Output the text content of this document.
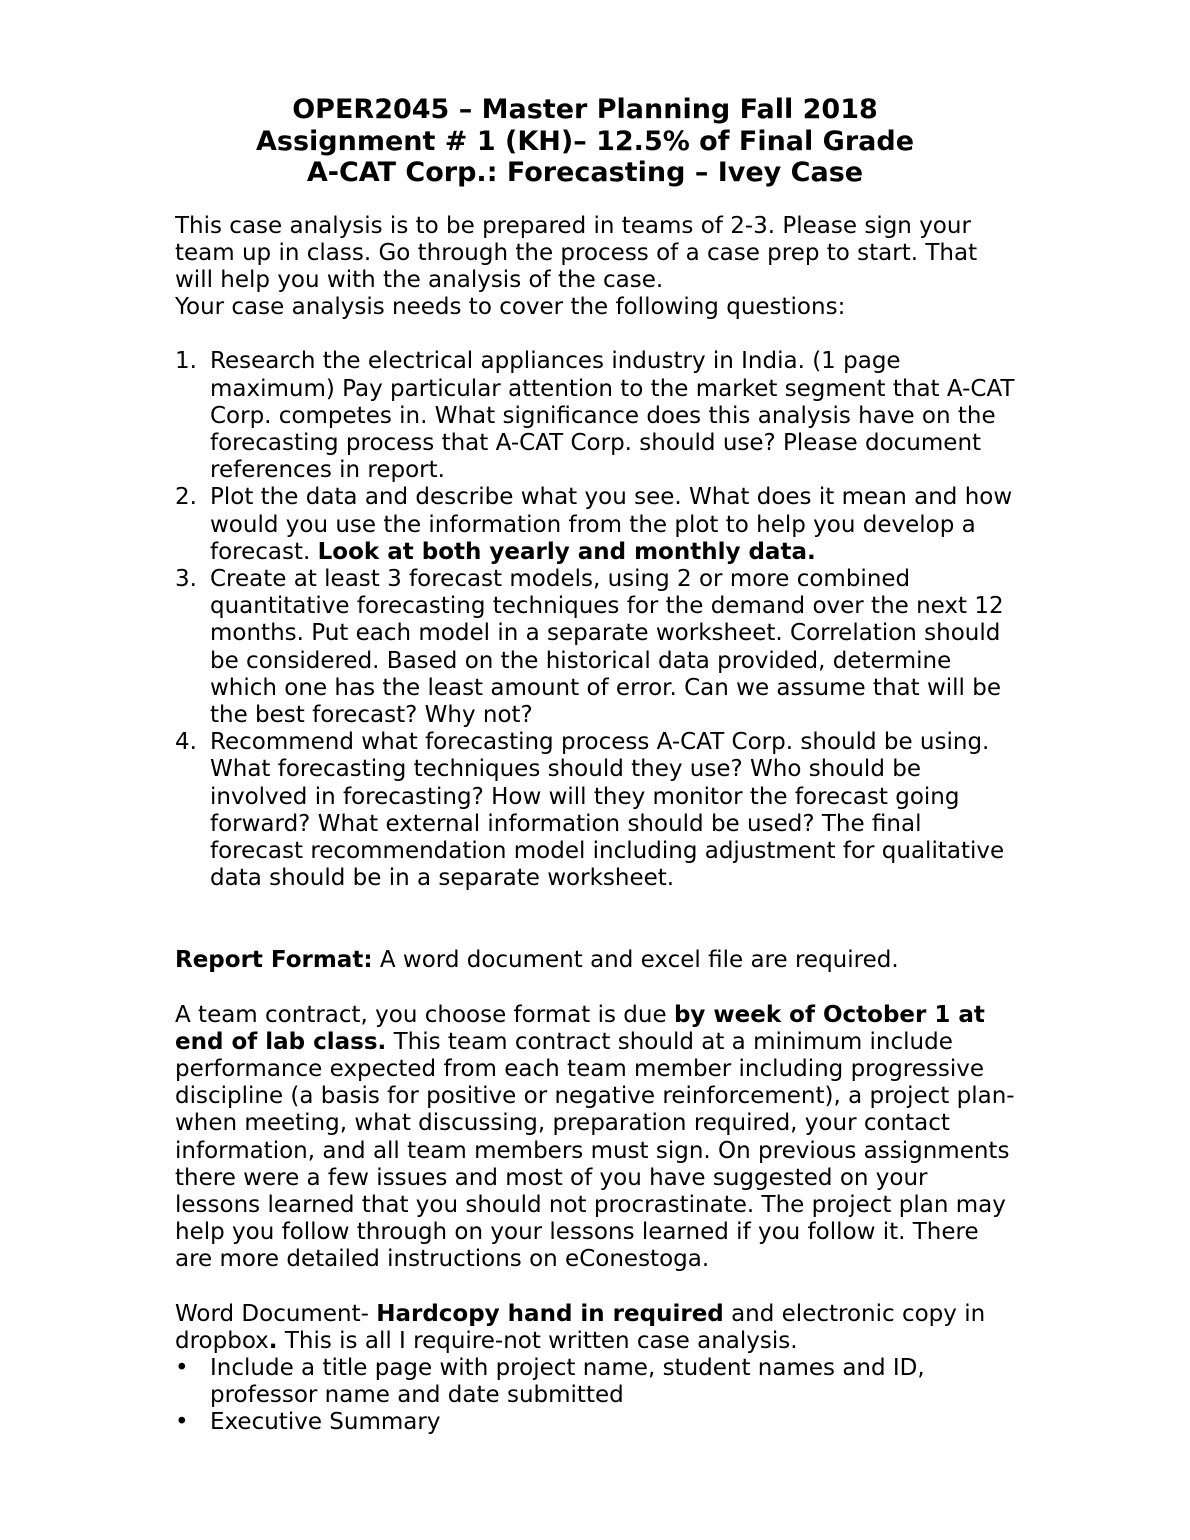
OPER2045 – Master Planning Fall 2018
Assignment # 1 (KH)– 12.5% of Final Grade
A-CAT Corp.: Forecasting – Ivey Case

This case analysis is to be prepared in teams of 2-3. Please sign your team up in class. Go through the process of a case prep to start. That will help you with the analysis of the case.

Your case analysis needs to cover the following questions:

1. Research the electrical appliances industry in India. (1 page maximum) Pay particular attention to the market segment that A-CAT Corp. competes in. What significance does this analysis have on the forecasting process that A-CAT Corp. should use? Please document references in report.
2. Plot the data and describe what you see. What does it mean and how would you use the information from the plot to help you develop a forecast. Look at both yearly and monthly data.
3. Create at least 3 forecast models, using 2 or more combined quantitative forecasting techniques for the demand over the next 12 months. Put each model in a separate worksheet. Correlation should be considered. Based on the historical data provided, determine which one has the least amount of error. Can we assume that will be the best forecast? Why not?
4. Recommend what forecasting process A-CAT Corp. should be using. What forecasting techniques should they use? Who should be involved in forecasting? How will they monitor the forecast going forward? What external information should be used? The final forecast recommendation model including adjustment for qualitative data should be in a separate worksheet.

Report Format: A word document and excel file are required.

A team contract, you choose format is due by week of October 1 at end of lab class. This team contract should at a minimum include performance expected from each team member including progressive discipline (a basis for positive or negative reinforcement), a project plan- when meeting, what discussing, preparation required, your contact information, and all team members must sign. On previous assignments there were a few issues and most of you have suggested on your lessons learned that you should not procrastinate. The project plan may help you follow through on your lessons learned if you follow it. There are more detailed instructions on eConestoga.

Word Document- Hardcopy hand in required and electronic copy in dropbox. This is all I require-not written case analysis.

• Include a title page with project name, student names and ID, professor name and date submitted
• Executive Summary
